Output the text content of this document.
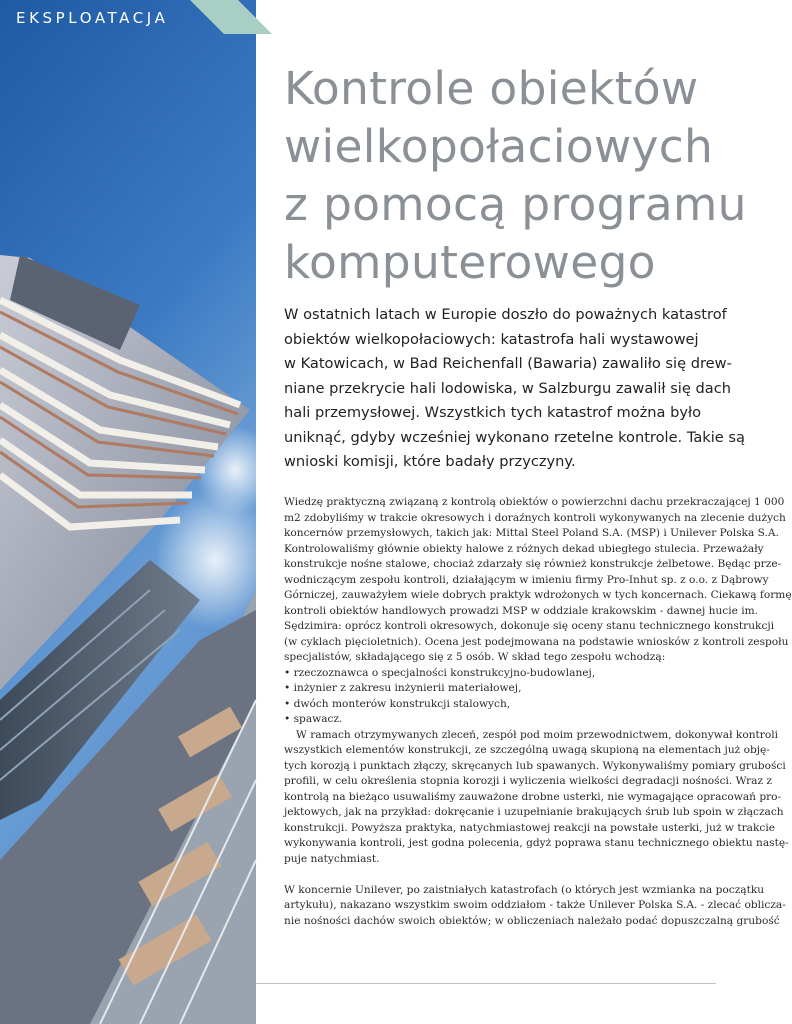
EKSPLOATACJA
Kontrole obiektów
wielkopołaciowych
z pomocą programu
komputerowego

W ostatnich latach w Europie doszło do poważnych katastrof
obiektów wielkopołaciowych: katastrofa hali wystawowej
w Katowicach, w Bad Reichenfall (Bawaria) zawaliło się drew-
niane przekrycie hali lodowiska, w Salzburgu zawalił się dach
hali przemysłowej. Wszystkich tych katastrof można było
uniknąć, gdyby wcześniej wykonano rzetelne kontrole. Takie są
wnioski komisji, które badały przyczyny.

Wiedzę praktyczną związaną z kontrolą obiektów o powierzchni dachu przekraczającej 1 000
m2 zdobyliśmy w trakcie okresowych i doraźnych kontroli wykonywanych na zlecenie dużych
koncernów przemysłowych, takich jak: Mittal Steel Poland S.A. (MSP) i Unilever Polska S.A.
Kontrolowaliśmy głównie obiekty halowe z różnych dekad ubiegłego stulecia. Przeważały
konstrukcje nośne stalowe, chociaż zdarzały się również konstrukcje żelbetowe. Będąc prze-
wodniczącym zespołu kontroli, działającym w imieniu firmy Pro-Inhut sp. z o.o. z Dąbrowy
Górniczej, zauważyłem wiele dobrych praktyk wdrożonych w tych koncernach. Ciekawą formę
kontroli obiektów handlowych prowadzi MSP w oddziale krakowskim - dawnej hucie im.
Sędzimira: oprócz kontroli okresowych, dokonuje się oceny stanu technicznego konstrukcji
(w cyklach pięcioletnich). Ocena jest podejmowana na podstawie wniosków z kontroli zespołu
specjalistów, składającego się z 5 osób. W skład tego zespołu wchodzą:
• rzeczoznawca o specjalności konstrukcyjno-budowlanej,
• inżynier z zakresu inżynierii materiałowej,
• dwóch monterów konstrukcji stalowych,
• spawacz.
W ramach otrzymywanych zleceń, zespół pod moim przewodnictwem, dokonywał kontroli
wszystkich elementów konstrukcji, ze szczególną uwagą skupioną na elementach już obję-
tych korozją i punktach złączy, skręcanych lub spawanych. Wykonywaliśmy pomiary grubości
profili, w celu określenia stopnia korozji i wyliczenia wielkości degradacji nośności. Wraz z
kontrolą na bieżąco usuwaliśmy zauważone drobne usterki, nie wymagające opracowań pro-
jektowych, jak na przykład: dokręcanie i uzupełnianie brakujących śrub lub spoin w złączach
konstrukcji. Powyższa praktyka, natychmiastowej reakcji na powstałe usterki, już w trakcie
wykonywania kontroli, jest godna polecenia, gdyż poprawa stanu technicznego obiektu nastę-
puje natychmiast.
W koncernie Unilever, po zaistniałych katastrofach (o których jest wzmianka na początku
artykułu), nakazano wszystkim swoim oddziałom - także Unilever Polska S.A. - zlecać oblicza-
nie nośności dachów swoich obiektów; w obliczeniach należało podać dopuszczalną grubość
